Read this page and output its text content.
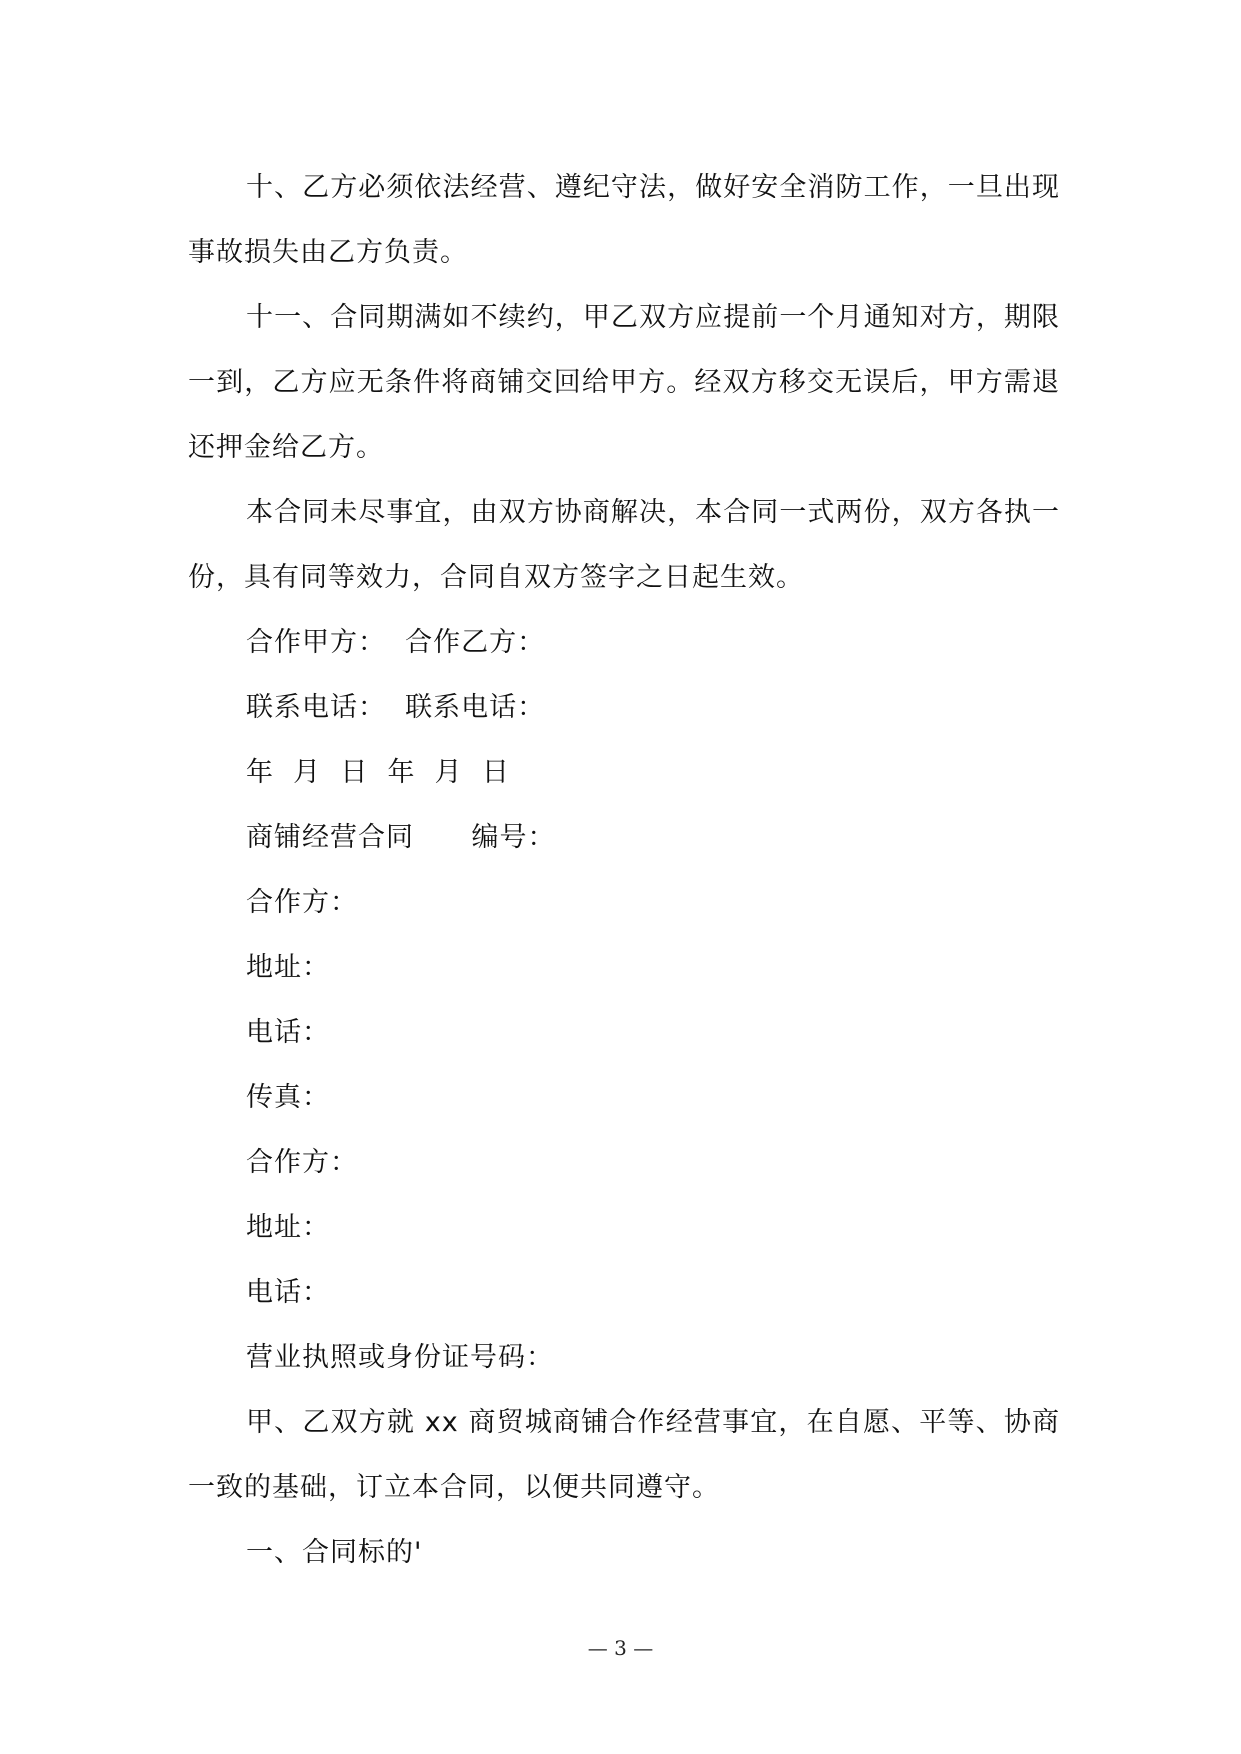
十、乙方必须依法经营、遵纪守法，做好安全消防工作，一旦出现事故损失由乙方负责。

十一、合同期满如不续约，甲乙双方应提前一个月通知对方，期限一到，乙方应无条件将商铺交回给甲方。经双方移交无误后，甲方需退还押金给乙方。

本合同未尽事宜，由双方协商解决，本合同一式两份，双方各执一份，具有同等效力，合同自双方签字之日起生效。

合作甲方：  合作乙方：

联系电话：  联系电话：

年  月  日  年  月  日

商铺经营合同      编号：

合作方：

地址：

电话：

传真：

合作方：

地址：

电话：

营业执照或身份证号码：

甲、乙双方就 xx 商贸城商铺合作经营事宜，在自愿、平等、协商一致的基础，订立本合同，以便共同遵守。

一、合同标的'

— 3 —
